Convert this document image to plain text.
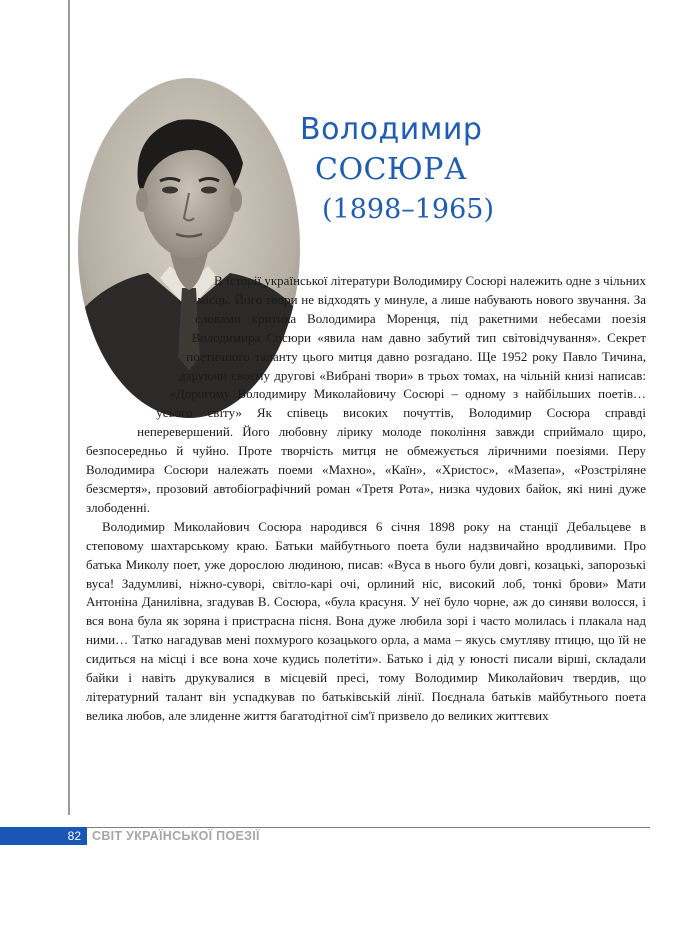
Володимир
СОСЮРА
(1898–1965)

В історії української літератури Володимиру Сосюрі належить одне з чільних місць. Його твори не відходять у минуле, а лише набувають нового звучання. За словами критика Володимира Моренця, під ракетними небесами поезія Володимира Сосюри «явила нам давно забутий тип світовідчування». Секрет поетичного таланту цього митця давно розгадано. Ще 1952 року Павло Тичина, даруючи своєму другові «Вибрані твори» в трьох томах, на чільній книзі написав: «Дорогому Володимиру Миколайовичу Сосюрі – одному з найбільших поетів… усього світу» Як співець високих почуттів, Володимир Сосюра справді неперевершений. Його любовну лірику молоде покоління завжди сприймало щиро, безпосередньо й чуйно. Проте творчість митця не обмежується ліричними поезіями. Перу Володимира Сосюри належать поеми «Махно», «Каїн», «Христос», «Мазепа», «Розстріляне безсмертя», прозовий автобіографічний роман «Третя Рота», низка чудових байок, які нині дуже злободенні.

Володимир Миколайович Сосюра народився 6 січня 1898 року на станції Дебальцеве в степовому шахтарському краю. Батьки майбутнього поета були надзвичайно вродливими. Про батька Миколу поет, уже дорослою людиною, писав: «Вуса в нього були довгі, козацькі, запорозькі вуса! Задумливі, ніжно-суворі, світло-карі очі, орлиний ніс, високий лоб, тонкі брови» Мати Антоніна Данилівна, згадував В. Сосюра, «була красуня. У неї було чорне, аж до синяви волосся, і вся вона була як зоряна і пристрасна пісня. Вона дуже любила зорі і часто молилась і плакала над ними… Татко нагадував мені похмурого козацького орла, а мама – якусь смутляву птицю, що їй не сидиться на місці і все вона хоче кудись полетіти». Батько і дід у юності писали вірші, складали байки і навіть друкувалися в місцевій пресі, тому Володимир Миколайович твердив, що літературний талант він успадкував по батьківській лінії. Поєднала батьків майбутнього поета велика любов, але злиденне життя багатодітної сім'ї призвело до великих життєвих

82 СВІТ УКРАЇНСЬКОЇ ПОЕЗІЇ
